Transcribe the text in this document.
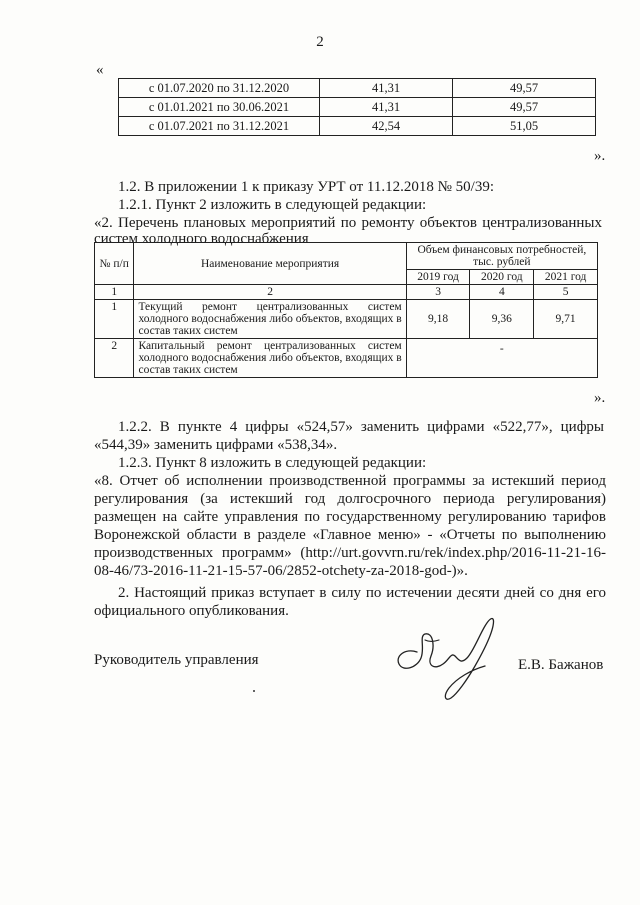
2
«
с 01.07.2020 по 31.12.2020	41,31	49,57
с 01.01.2021 по 30.06.2021	41,31	49,57
с 01.07.2021 по 31.12.2021	42,54	51,05
».
1.2. В приложении 1 к приказу УРТ от 11.12.2018 № 50/39:
1.2.1. Пункт 2 изложить в следующей редакции:
«2. Перечень плановых мероприятий по ремонту объектов централизованных
систем холодного водоснабжения
№ п/п	Наименование мероприятия	Объем финансовых потребностей, тыс. рублей		
		2019 год	2020 год	2021 год
1	2	3	4	5
1	Текущий ремонт централизованных систем холодного водоснабжения либо объектов, входящих в состав таких систем	9,18	9,36	9,71
2	Капитальный ремонт централизованных систем холодного водоснабжения либо объектов, входящих в состав таких систем	-		
».
1.2.2. В пункте 4 цифры «524,57» заменить цифрами «522,77», цифры
«544,39» заменить цифрами «538,34».
1.2.3. Пункт 8 изложить в следующей редакции:
«8. Отчет об исполнении производственной программы за истекший период
регулирования (за истекший год долгосрочного периода регулирования)
размещен на сайте управления по государственному регулированию тарифов
Воронежской области в разделе «Главное меню» - «Отчеты по выполнению
производственных программ» (http://urt.govvrn.ru/rek/index.php/2016-11-21-16-
08-46/73-2016-11-21-15-57-06/2852-otchety-za-2018-god-)».
2. Настоящий приказ вступает в силу по истечении десяти дней со дня его
официального опубликования.
Руководитель управления	Е.В. Бажанов
